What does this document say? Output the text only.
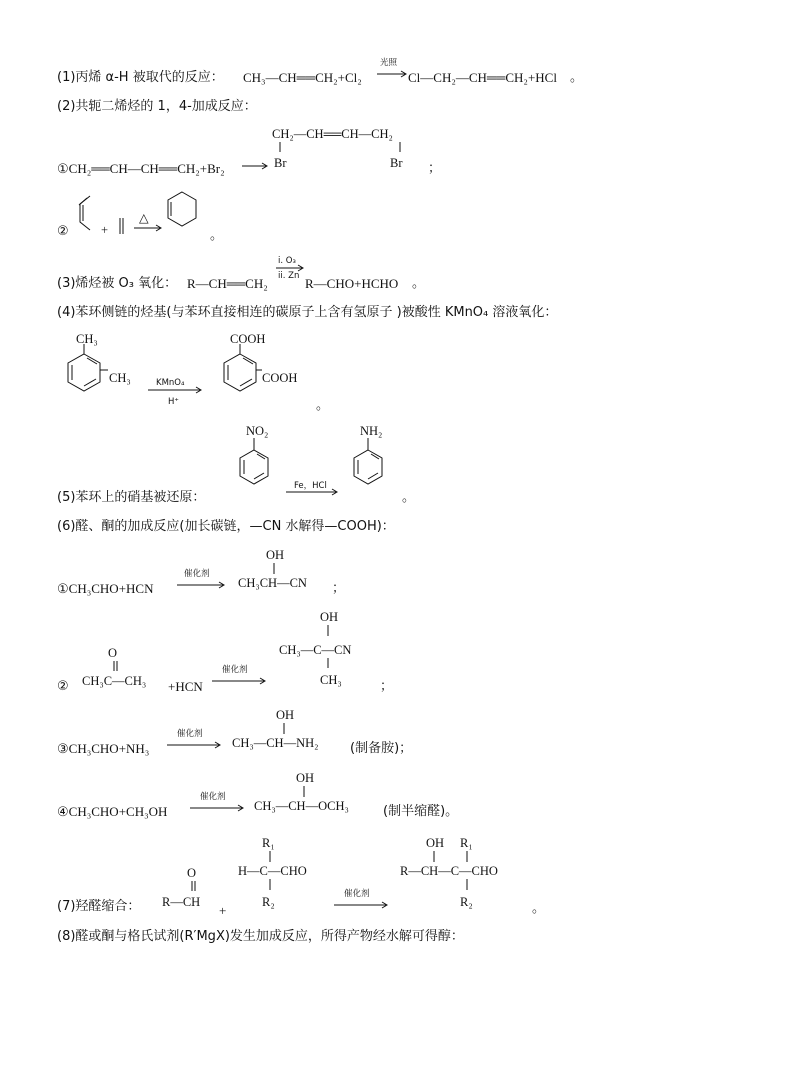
(1)丙烯 α-H 被取代的反应： CH₃—CH══CH₂+Cl₂
光照
Cl—CH₂—CH══CH₂+HCl 。
(2)共轭二烯烃的 1，4-加成反应：
①CH₂══CH—CH══CH₂+Br₂
CH₂—CH══CH—CH₂
Br	Br ；
②	+
△
。
(3)烯烃被 O₃ 氧化： R—CH══CH₂
i. O₃
ii. Zn R—CHO+HCHO 。
(4)苯环侧链的烃基(与苯环直接相连的碳原子上含有氢原子 )被酸性 KMnO₄ 溶液氧化：
CH₃
CH₃	KMnO₄
H⁺
COOH
COOH
。
(5)苯环上的硝基被还原：
NO₂
Fe，HCl
NH₂
。
(6)醛、酮的加成反应(加长碳链，—CN 水解得—COOH)：
①CH₃CHO+HCN
催化剂
OH
CH₃CH—CN ；
②
O
CH₃C—CH₃ +HCN
催化剂
OH
CH₃—C—CN
CH₃	；
③CH₃CHO+NH₃
催化剂
OH
CH₃—CH—NH₂ (制备胺)；
④CH₃CHO+CH₃OH
催化剂
OH
CH₃—CH—OCH₃	(制半缩醛)。
(7)羟醛缩合：
O
R—CH
+
R₁
H—C—CHO
R₂
催化剂
OH R₁
R—CH—C—CHO
R₂	。
(8)醛或酮与格氏试剂(R′MgX)发生加成反应，所得产物经水解可得醇：
